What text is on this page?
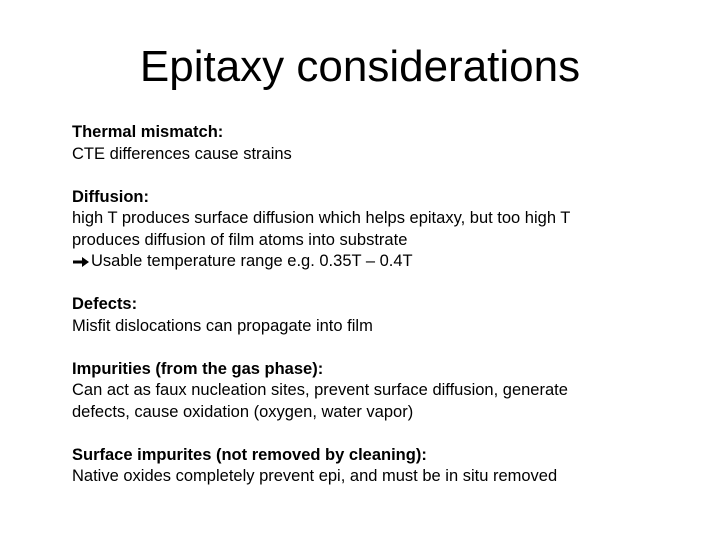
Epitaxy considerations
Thermal mismatch:
CTE differences cause strains
Diffusion:
high T produces surface diffusion which helps epitaxy, but too high T
produces diffusion of film atoms into substrate
Usable temperature range e.g. 0.35T – 0.4T
Defects:
Misfit dislocations can propagate into film
Impurities (from the gas phase):
Can act as faux nucleation sites, prevent surface diffusion, generate
defects, cause oxidation (oxygen, water vapor)
Surface impurites (not removed by cleaning):
Native oxides completely prevent epi, and must be in situ removed
